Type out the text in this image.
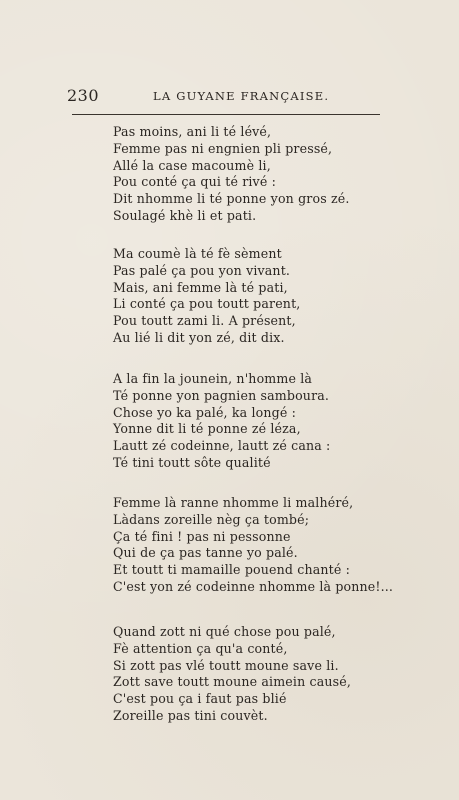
230	LA GUYANE FRANÇAISE.
Pas moins, ani li té lévé,
Femme pas ni engnien pli pressé,
Allé la case macoumè li,
Pou conté ça qui té rivé :
Dit nhomme li té ponne yon gros zé.
Soulagé khè li et pati.
Ma coumè là té fè sèment
Pas palé ça pou yon vivant.
Mais, ani femme là té pati,
Li conté ça pou toutt parent,
Pou toutt zami li. A présent,
Au lié li dit yon zé, dit dix.
A la fin la jounein, n'homme là
Té ponne yon pagnien samboura.
Chose yo ka palé, ka longé :
Yonne dit li té ponne zé léza,
Lautt zé codeinne, lautt zé cana :
Té tini toutt sôte qualité
Femme là ranne nhomme li malhéré,
Làdans zoreille nèg ça tombé;
Ça té fini ! pas ni pessonne
Qui de ça pas tanne yo palé.
Et toutt ti mamaille pouend chanté :
C'est yon zé codeinne nhomme là ponne!...
Quand zott ni qué chose pou palé,
Fè attention ça qu'a conté,
Si zott pas vlé toutt moune save li.
Zott save toutt moune aimein causé,
C'est pou ça i faut pas blié
Zoreille pas tini couvèt.
